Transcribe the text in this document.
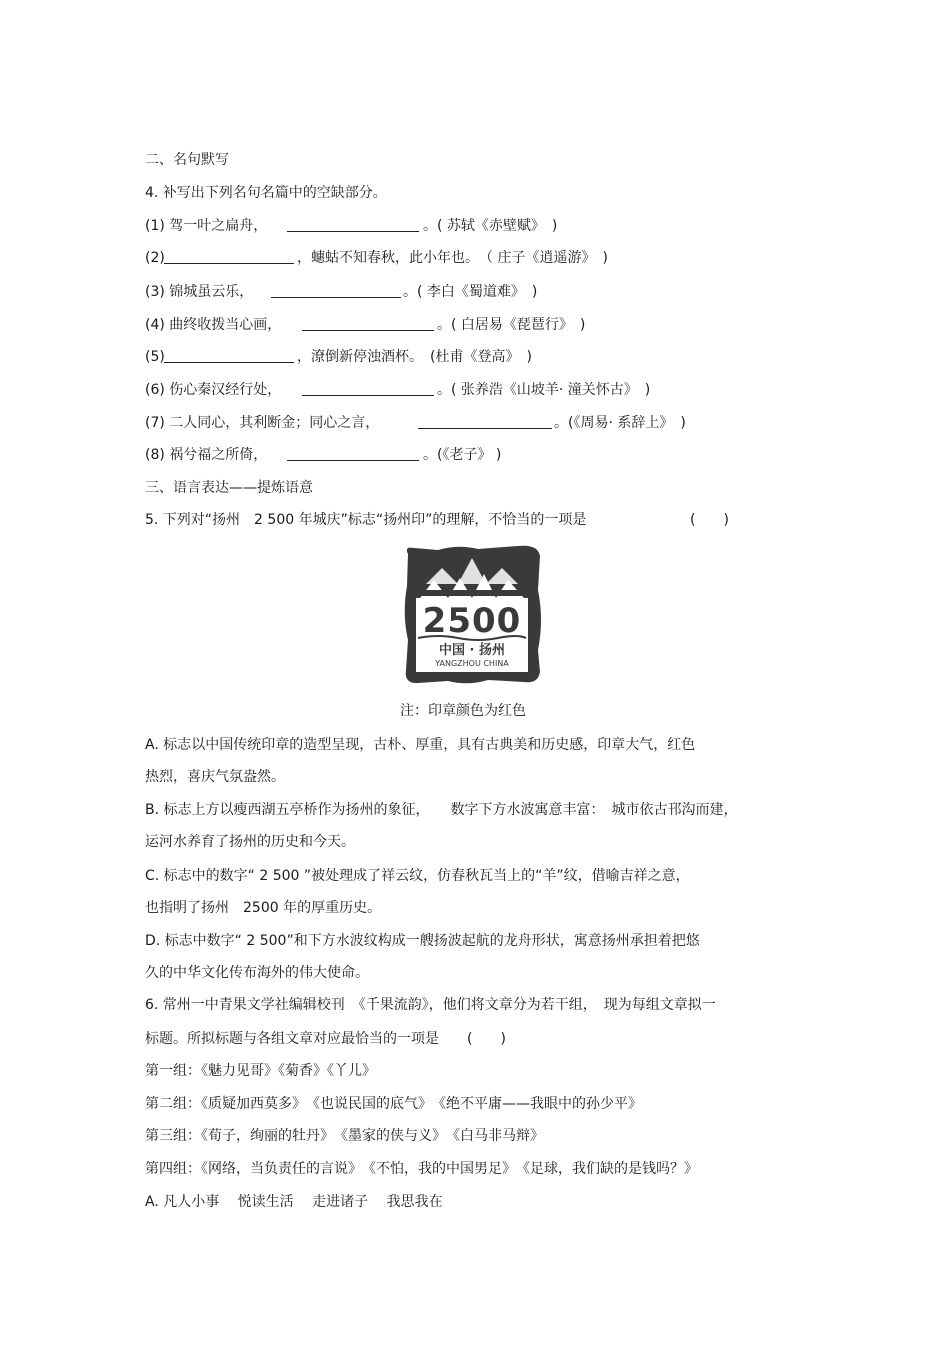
二、名句默写
4. 补写出下列名句名篇中的空缺部分。
(1) 驾一叶之扁舟，	。( 苏轼《赤壁赋》　)
(2)	，蟪蛄不知春秋，此小年也。　（ 庄子《逍遥游》　)
(3) 锦城虽云乐，	。( 李白《蜀道难》　)
(4) 曲终收拨当心画，	。( 白居易《琵琶行》　)
(5)	，潦倒新停浊酒杯。　(杜甫《登高》　)
(6) 伤心秦汉经行处，	。( 张养浩《山坡羊· 潼关怀古》　)
(7) 二人同心，其利断金；同心之言，	。(《周易· 系辞上》　)
(8) 祸兮福之所倚，	。(《老子》 )
三、语言表达——提炼语意
5. 下列对“扬州　2 500 年城庆”标志“扬州印”的理解，不恰当的一项是	(　　)
2500
中国 · 扬州
YANGZHOU CHINA
注：印章颜色为红色
A. 标志以中国传统印章的造型呈现，古朴、厚重，具有古典美和历史感，印章大气，红色
热烈，喜庆气氛盎然。
B. 标志上方以瘦西湖五亭桥作为扬州的象征，　　数字下方水波寓意丰富：　城市依古邗沟而建，
运河水养育了扬州的历史和今天。
C. 标志中的数字“ 2 500 ”被处理成了祥云纹，仿春秋瓦当上的“羊”纹，借喻吉祥之意，
也指明了扬州　2500 年的厚重历史。
D. 标志中数字“ 2 500”和下方水波纹构成一艘扬波起航的龙舟形状，寓意扬州承担着把悠
久的中华文化传布海外的伟大使命。
6. 常州一中青果文学社编辑校刊　《千果流韵》，他们将文章分为若干组，　现为每组文章拟一
标题。所拟标题与各组文章对应最恰当的一项是　　(　　)
第一组：《魅力见哥》《菊香》《丫儿》
第二组：《质疑加西莫多》　《也说民国的底气》　《绝不平庸——我眼中的孙少平》
第三组：《荀子，绚丽的牡丹》　《墨家的侠与义》　《白马非马辩》
第四组：《网络，当负责任的言说》　《不怕，我的中国男足》　《足球，我们缺的是钱吗？》
A. 凡人小事　 悦读生活　 走进诸子　 我思我在
